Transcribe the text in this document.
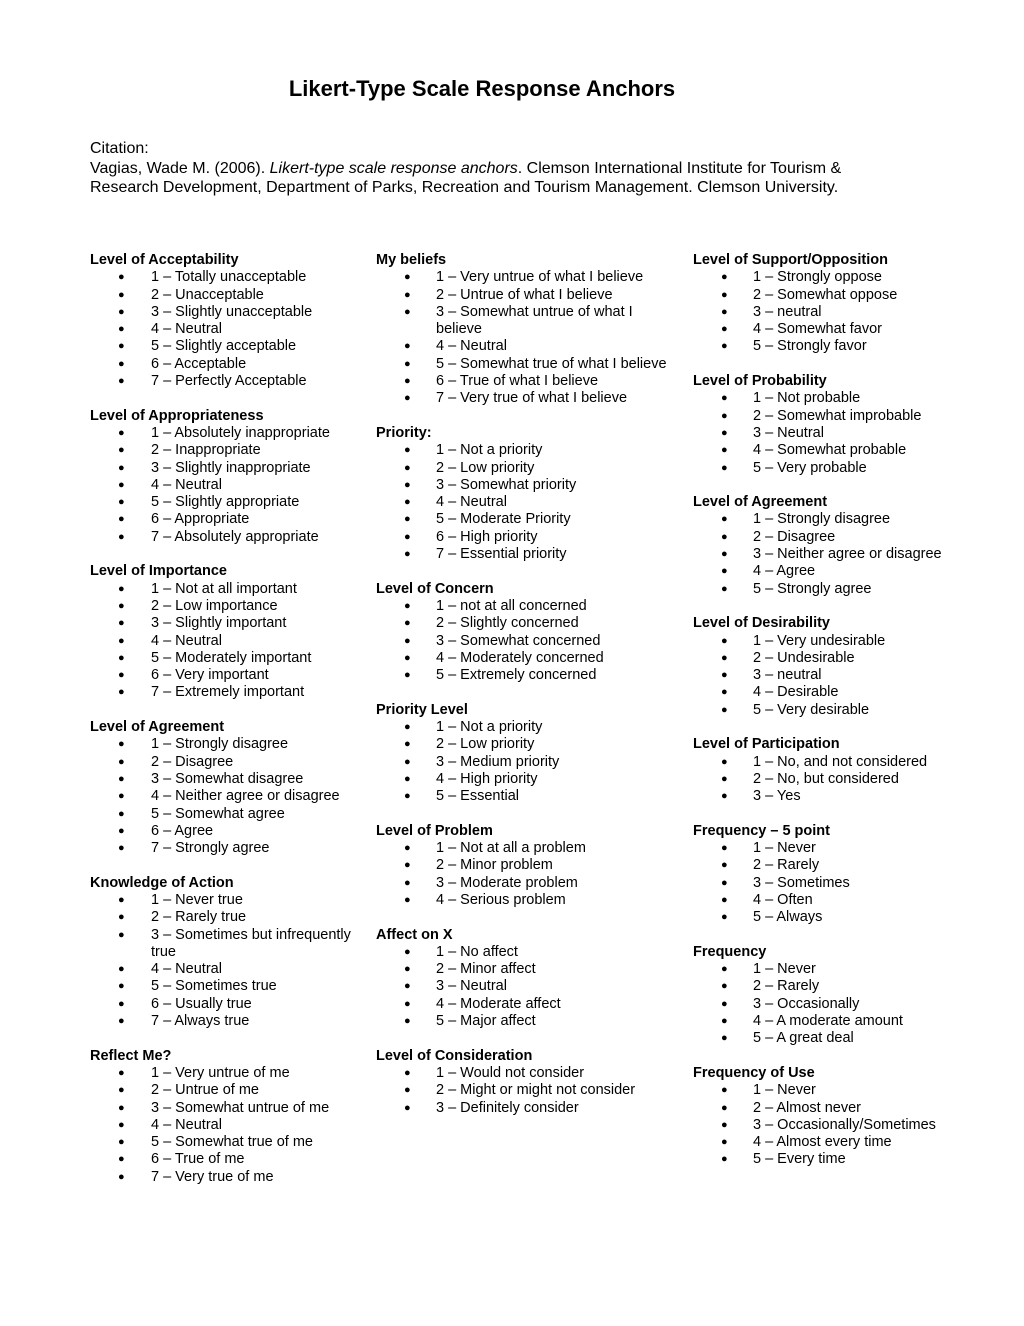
Likert-Type Scale Response Anchors
Citation:
Vagias, Wade M. (2006). Likert-type scale response anchors. Clemson International Institute for Tourism & Research Development, Department of Parks, Recreation and Tourism Management. Clemson University.
Level of Acceptability
● 1 – Totally unacceptable
● 2 – Unacceptable
● 3 – Slightly unacceptable
● 4 – Neutral
● 5 – Slightly acceptable
● 6 – Acceptable
● 7 – Perfectly Acceptable
Level of Appropriateness
● 1 – Absolutely inappropriate
● 2 – Inappropriate
● 3 – Slightly inappropriate
● 4 – Neutral
● 5 – Slightly appropriate
● 6 – Appropriate
● 7 – Absolutely appropriate
Level of Importance
● 1 – Not at all important
● 2 – Low importance
● 3 – Slightly important
● 4 – Neutral
● 5 – Moderately important
● 6 – Very important
● 7 – Extremely important
Level of Agreement
● 1 – Strongly disagree
● 2 – Disagree
● 3 – Somewhat disagree
● 4 – Neither agree or disagree
● 5 – Somewhat agree
● 6 – Agree
● 7 – Strongly agree
Knowledge of Action
● 1 – Never true
● 2 – Rarely true
● 3 – Sometimes but infrequently true
● 4 – Neutral
● 5 – Sometimes true
● 6 – Usually true
● 7 – Always true
Reflect Me?
● 1 – Very untrue of me
● 2 – Untrue of me
● 3 – Somewhat untrue of me
● 4 – Neutral
● 5 – Somewhat true of me
● 6 – True of me
● 7 – Very true of me
My beliefs
● 1 – Very untrue of what I believe
● 2 – Untrue of what I believe
● 3 – Somewhat untrue of what I believe
● 4 – Neutral
● 5 – Somewhat true of what I believe
● 6 – True of what I believe
● 7 – Very true of what I believe
Priority:
● 1 – Not a priority
● 2 – Low priority
● 3 – Somewhat priority
● 4 – Neutral
● 5 – Moderate Priority
● 6 – High priority
● 7 – Essential priority
Level of Concern
● 1 – not at all concerned
● 2 – Slightly concerned
● 3 – Somewhat concerned
● 4 – Moderately concerned
● 5 – Extremely concerned
Priority Level
● 1 – Not a priority
● 2 – Low priority
● 3 – Medium priority
● 4 – High priority
● 5 – Essential
Level of Problem
● 1 – Not at all a problem
● 2 – Minor problem
● 3 – Moderate problem
● 4 – Serious problem
Affect on X
● 1 – No affect
● 2 – Minor affect
● 3 – Neutral
● 4 – Moderate affect
● 5 – Major affect
Level of Consideration
● 1 – Would not consider
● 2 – Might or might not consider
● 3 – Definitely consider
Level of Support/Opposition
● 1 – Strongly oppose
● 2 – Somewhat oppose
● 3 – neutral
● 4 – Somewhat favor
● 5 – Strongly favor
Level of Probability
● 1 – Not probable
● 2 – Somewhat improbable
● 3 – Neutral
● 4 – Somewhat probable
● 5 – Very probable
Level of Agreement
● 1 – Strongly disagree
● 2 – Disagree
● 3 – Neither agree or disagree
● 4 – Agree
● 5 – Strongly agree
Level of Desirability
● 1 – Very undesirable
● 2 – Undesirable
● 3 – neutral
● 4 – Desirable
● 5 – Very desirable
Level of Participation
● 1 – No, and not considered
● 2 – No, but considered
● 3 – Yes
Frequency – 5 point
● 1 – Never
● 2 – Rarely
● 3 – Sometimes
● 4 – Often
● 5 – Always
Frequency
● 1 – Never
● 2 – Rarely
● 3 – Occasionally
● 4 – A moderate amount
● 5 – A great deal
Frequency of Use
● 1 – Never
● 2 – Almost never
● 3 – Occasionally/Sometimes
● 4 – Almost every time
● 5 – Every time
